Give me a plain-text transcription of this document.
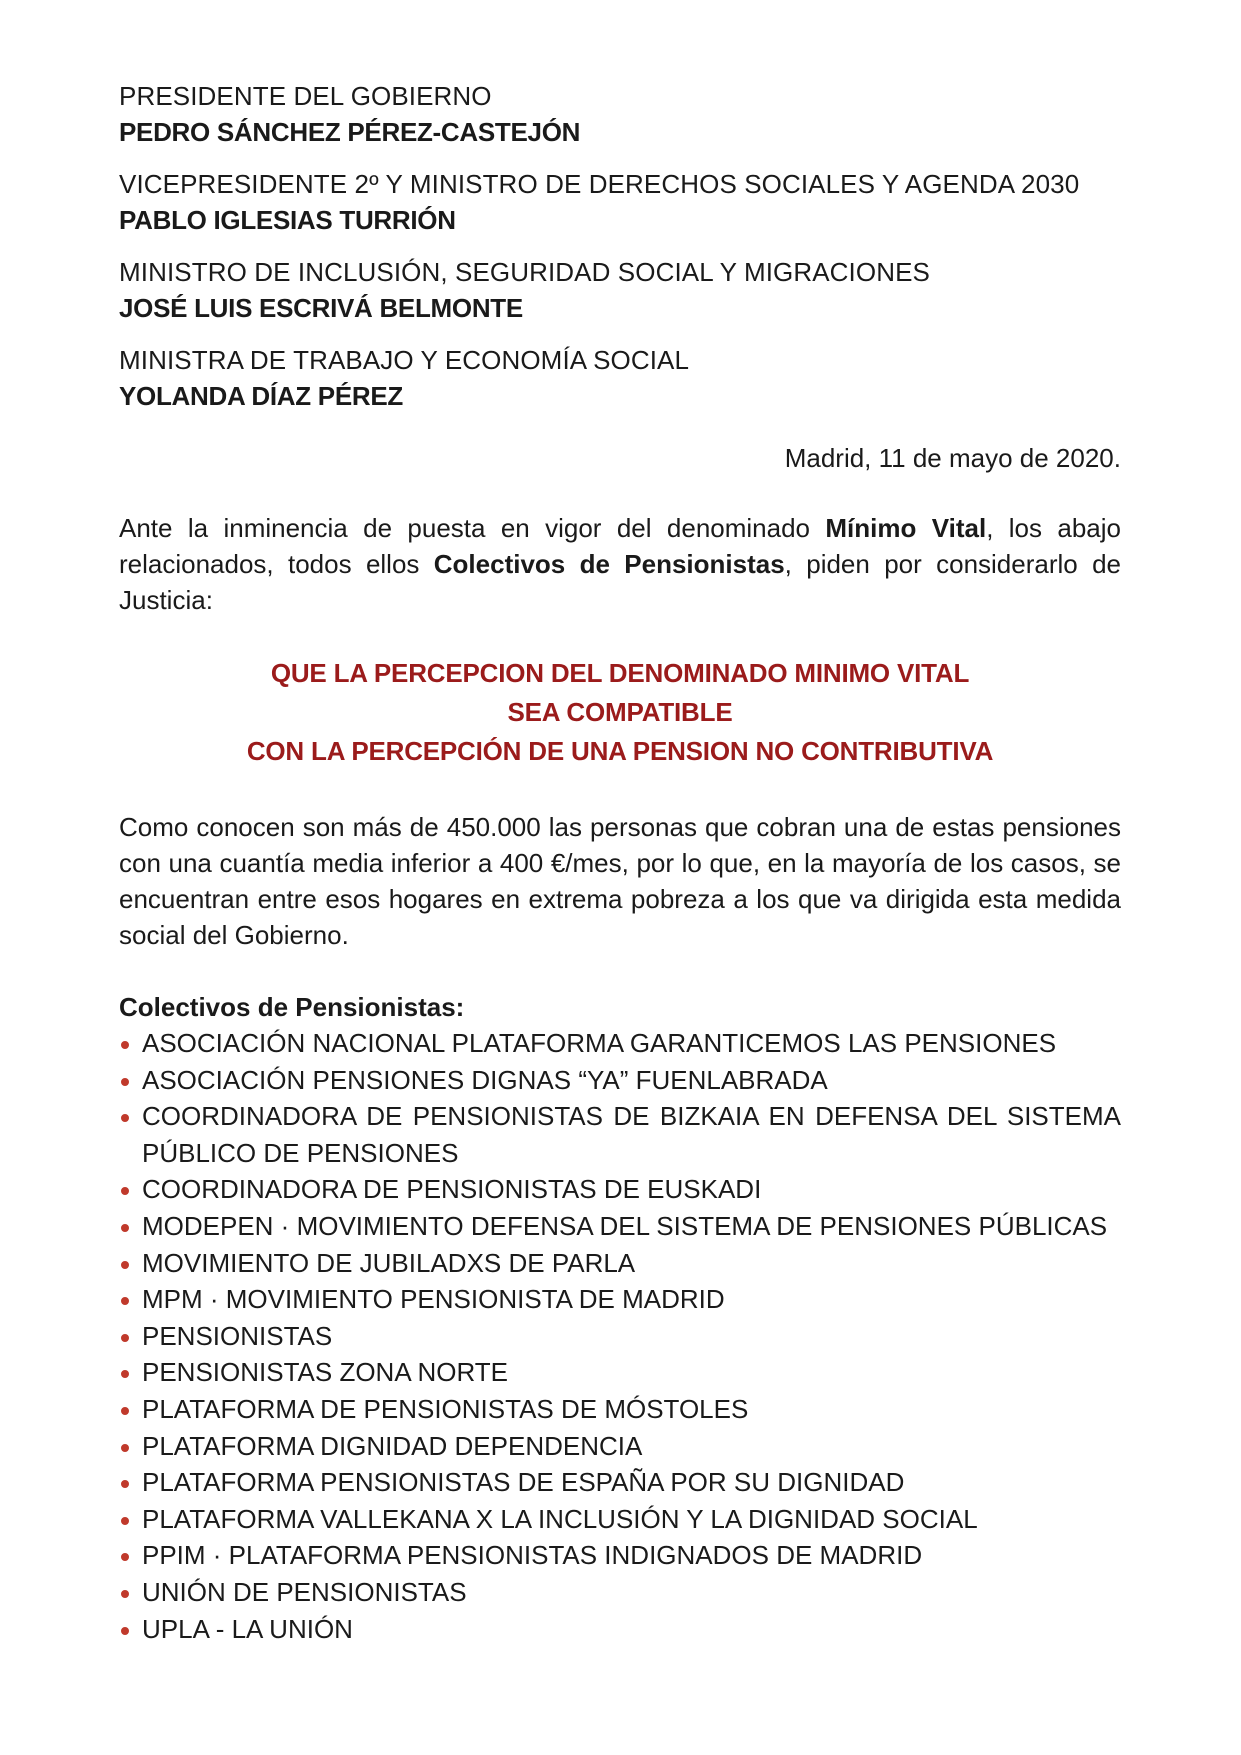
PRESIDENTE DEL GOBIERNO
PEDRO SÁNCHEZ PÉREZ-CASTEJÓN
VICEPRESIDENTE 2º Y MINISTRO DE DERECHOS SOCIALES Y AGENDA 2030
PABLO IGLESIAS TURRIÓN
MINISTRO DE INCLUSIÓN, SEGURIDAD SOCIAL Y MIGRACIONES
JOSÉ LUIS ESCRIVÁ BELMONTE
MINISTRA DE TRABAJO Y ECONOMÍA SOCIAL
YOLANDA DÍAZ PÉREZ
Madrid, 11 de mayo de 2020.
Ante la inminencia de puesta en vigor del denominado Mínimo Vital, los abajo relacionados, todos ellos Colectivos de Pensionistas, piden por considerarlo de Justicia:
QUE LA PERCEPCION DEL DENOMINADO MINIMO VITAL
SEA COMPATIBLE
CON LA PERCEPCIÓN DE UNA PENSION NO CONTRIBUTIVA
Como conocen son más de 450.000 las personas que cobran una de estas pensiones con una cuantía media inferior a 400 €/mes, por lo que, en la mayoría de los casos, se encuentran entre esos hogares en extrema pobreza a los que va dirigida esta medida social del Gobierno.
Colectivos de Pensionistas:
ASOCIACIÓN NACIONAL PLATAFORMA GARANTICEMOS LAS PENSIONES
ASOCIACIÓN PENSIONES DIGNAS “YA” FUENLABRADA
COORDINADORA DE PENSIONISTAS DE BIZKAIA EN DEFENSA DEL SISTEMA PÚBLICO DE PENSIONES
COORDINADORA DE PENSIONISTAS DE EUSKADI
MODEPEN · MOVIMIENTO DEFENSA DEL SISTEMA DE PENSIONES PÚBLICAS
MOVIMIENTO DE JUBILADXS DE PARLA
MPM · MOVIMIENTO PENSIONISTA DE MADRID
PENSIONISTAS
PENSIONISTAS ZONA NORTE
PLATAFORMA DE PENSIONISTAS DE MÓSTOLES
PLATAFORMA DIGNIDAD DEPENDENCIA
PLATAFORMA PENSIONISTAS DE ESPAÑA POR SU DIGNIDAD
PLATAFORMA VALLEKANA X LA INCLUSIÓN Y LA DIGNIDAD SOCIAL
PPIM · PLATAFORMA PENSIONISTAS INDIGNADOS DE MADRID
UNIÓN DE PENSIONISTAS
UPLA - LA UNIÓN
